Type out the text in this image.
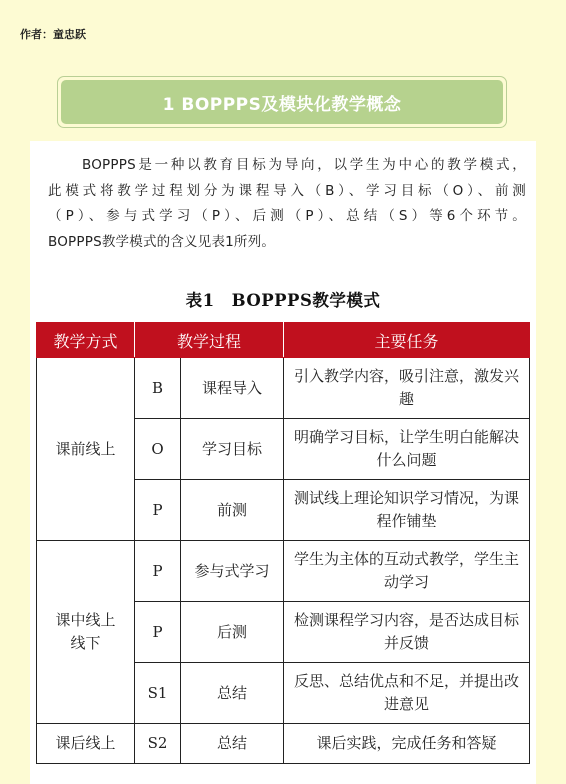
作者：童忠跃
1 BOPPPS及模块化教学概念
BOPPPS是一种以教育目标为导向，以学生为中心的教学模式，
此模式将教学过程划分为课程导入（B）、学习目标（O）、前测
（P）、参与式学习（P）、后测（P）、总结（S）等6个环节。
BOPPPS教学模式的含义见表1所列。
表1　BOPPPS教学模式
教学方式	教学过程		主要任务
课前线上	B	课程导入	引入教学内容，吸引注意，激发兴趣
	O	学习目标	明确学习目标，让学生明白能解决什么问题
	P	前测	测试线上理论知识学习情况，为课程作铺垫
课中线上线下	P	参与式学习	学生为主体的互动式教学，学生主动学习
	P	后测	检测课程学习内容，是否达成目标并反馈
	S1	总结	反思、总结优点和不足，并提出改进意见
课后线上	S2	总结	课后实践，完成任务和答疑
